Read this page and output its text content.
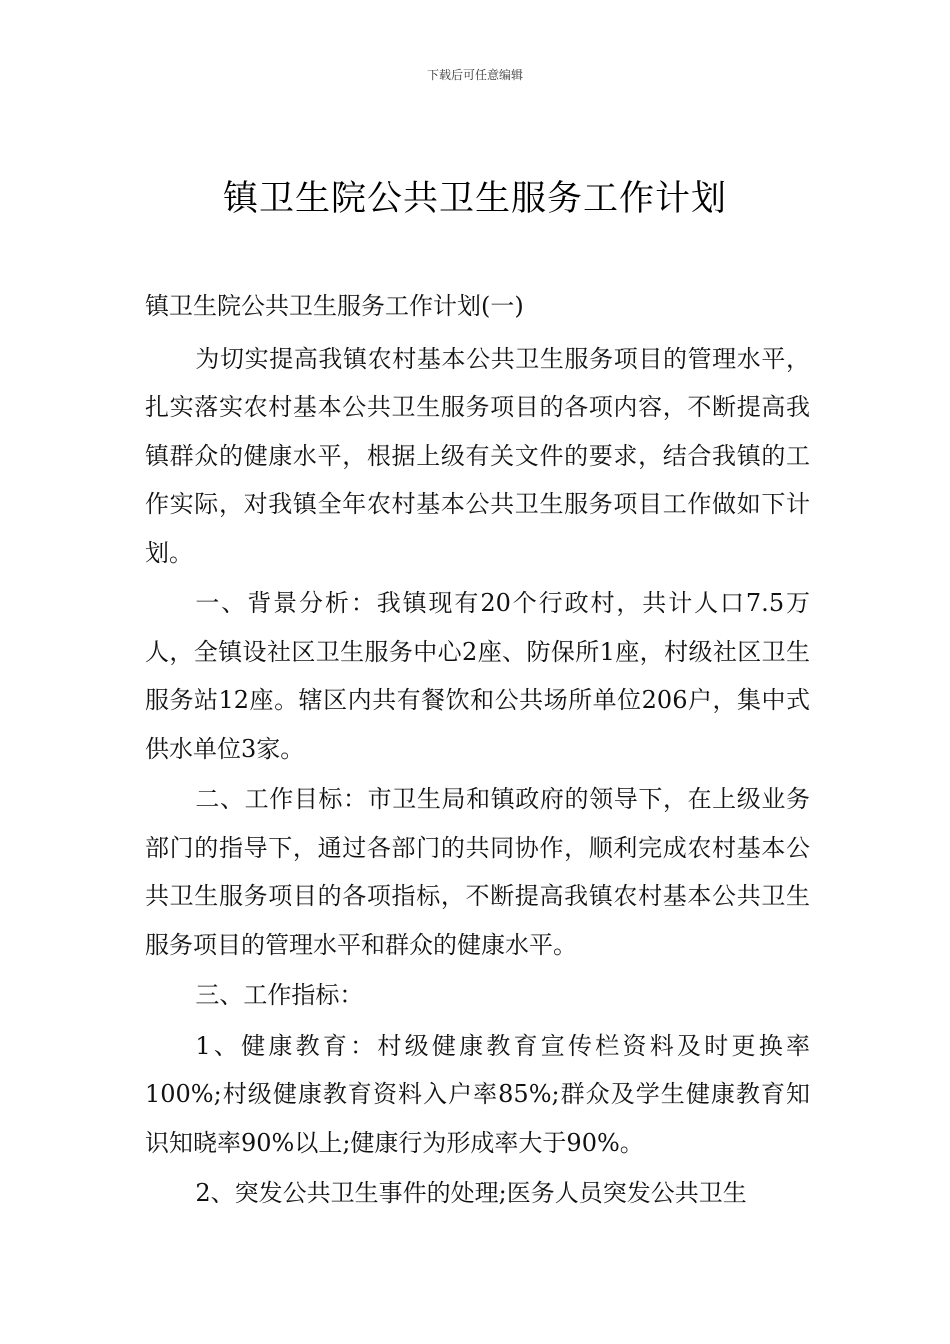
下载后可任意编辑
镇卫生院公共卫生服务工作计划

镇卫生院公共卫生服务工作计划(一)

为切实提高我镇农村基本公共卫生服务项目的管理水平，扎实落实农村基本公共卫生服务项目的各项内容，不断提高我镇群众的健康水平，根据上级有关文件的要求，结合我镇的工作实际，对我镇全年农村基本公共卫生服务项目工作做如下计划。

一、背景分析：我镇现有20个行政村，共计人口7.5万人，全镇设社区卫生服务中心2座、防保所1座，村级社区卫生服务站12座。辖区内共有餐饮和公共场所单位206户，集中式供水单位3家。

二、工作目标：市卫生局和镇政府的领导下，在上级业务部门的指导下，通过各部门的共同协作，顺利完成农村基本公共卫生服务项目的各项指标，不断提高我镇农村基本公共卫生服务项目的管理水平和群众的健康水平。

三、工作指标：

1、健康教育：村级健康教育宣传栏资料及时更换率100%;村级健康教育资料入户率85%;群众及学生健康教育知识知晓率90%以上;健康行为形成率大于90%。

2、突发公共卫生事件的处理;医务人员突发公共卫生
